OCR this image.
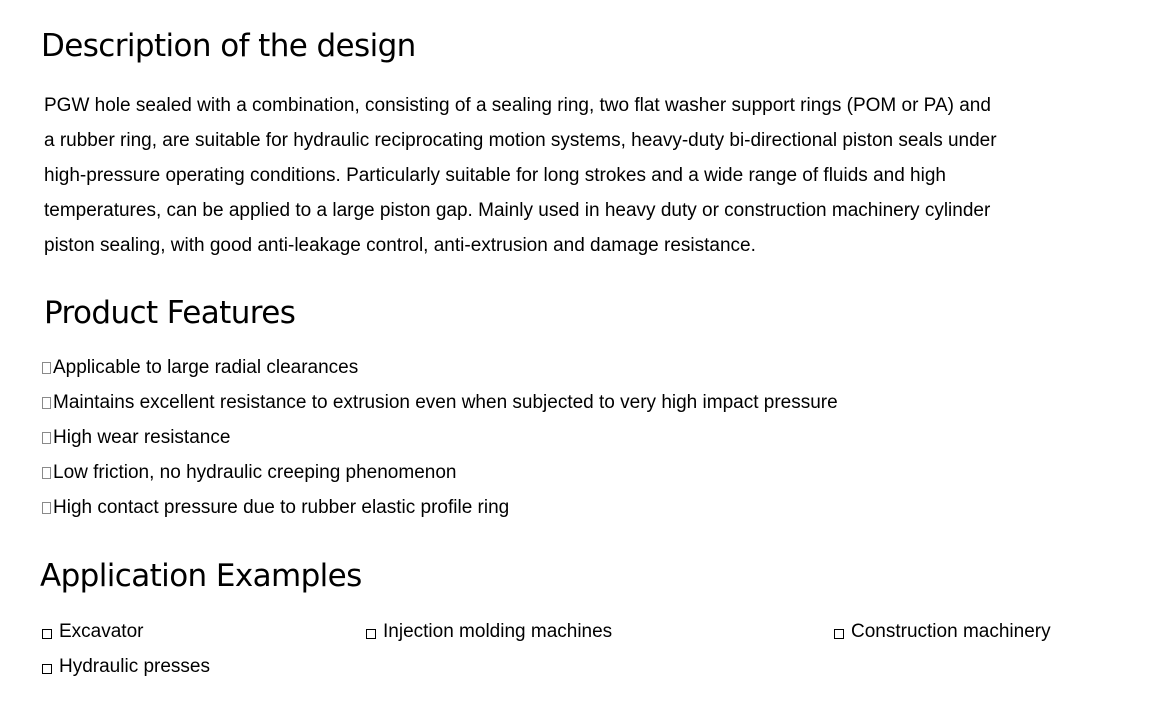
Description of the design

PGW hole sealed with a combination, consisting of a sealing ring, two flat washer support rings (POM or PA) and

a rubber ring, are suitable for hydraulic reciprocating motion systems, heavy-duty bi-directional piston seals under

high-pressure operating conditions. Particularly suitable for long strokes and a wide range of fluids and high

temperatures, can be applied to a large piston gap. Mainly used in heavy duty or construction machinery cylinder

piston sealing, with good anti-leakage control, anti-extrusion and damage resistance.

Product Features
Applicable to large radial clearances
Maintains excellent resistance to extrusion even when subjected to very high impact pressure
High wear resistance
Low friction, no hydraulic creeping phenomenon
High contact pressure due to rubber elastic profile ring
Application Examples
Excavator	Injection molding machines	Construction machinery
Hydraulic presses
